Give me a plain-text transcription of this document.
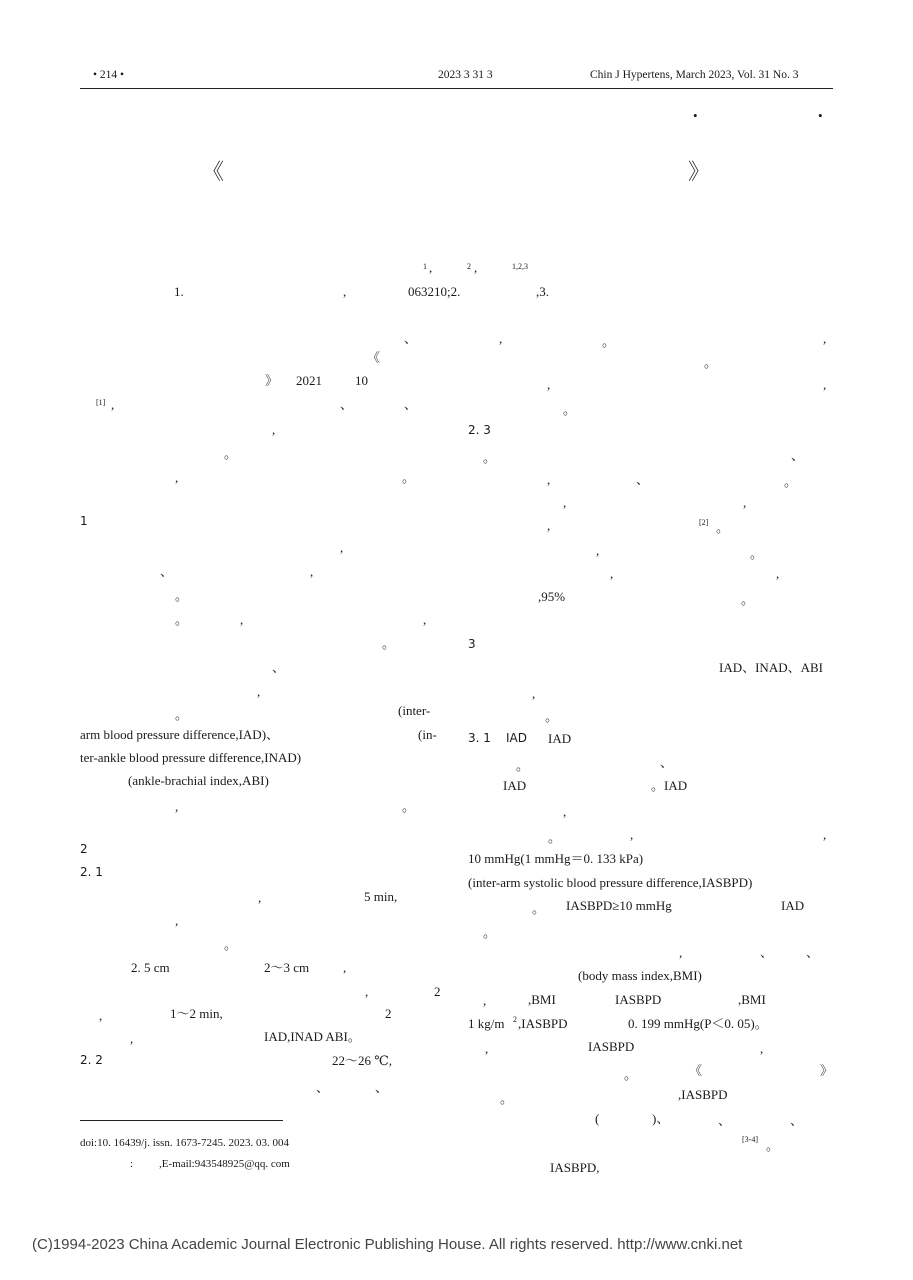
• 214 •	2023 3 31 3	Chin J Hypertens, March 2023, Vol. 31 No. 3
•	•
《	》
1 ,	2 ,	1,2,3
1.	,	063210;2.	,3.
、
《
》 2021	10
[1] ,	、	、
,
。
,	。
1
,
、	,
。
。	,	,
。
、
,
。	(inter-
arm blood pressure difference,IAD)、	(in-
ter-ankle blood pressure difference,INAD)
(ankle-brachial index,ABI)
,	。
2
2. 1
,	5 min,
,
。
2. 5 cm	2～3 cm	,
,	2
,	1～2 min,	2
,	IAD,INAD ABI。
2. 2	22～26 ℃,
、	、
doi:10. 16439/j. issn. 1673-7245. 2023. 03. 004
: ,E-mail:943548925@qq. com
,	。	,
。
,	,
。
2. 3
。	、
,	、	。
,	,
,	[2] 。
,	。
,	,
,95%	。
3
IAD、INAD、ABI
,
。
3. 1 IAD IAD
、
。
IAD	。IAD
,
。	,	,
10 mmHg(1 mmHg＝0. 133 kPa)
(inter-arm systolic blood pressure difference,IASBPD)
。 IASBPD≥10 mmHg	IAD
。
,	、	、
(body mass index,BMI)
,	,BMI	IASBPD	,BMI
1 kg/m 2 ,IASBPD	0. 199 mmHg(P＜0. 05)。
,	IASBPD	,
。	《	》
。	,IASBPD
(	)、	、	、
[3-4] 。
IASBPD,
(C)1994-2023 China Academic Journal Electronic Publishing House. All rights reserved. http://www.cnki.net
